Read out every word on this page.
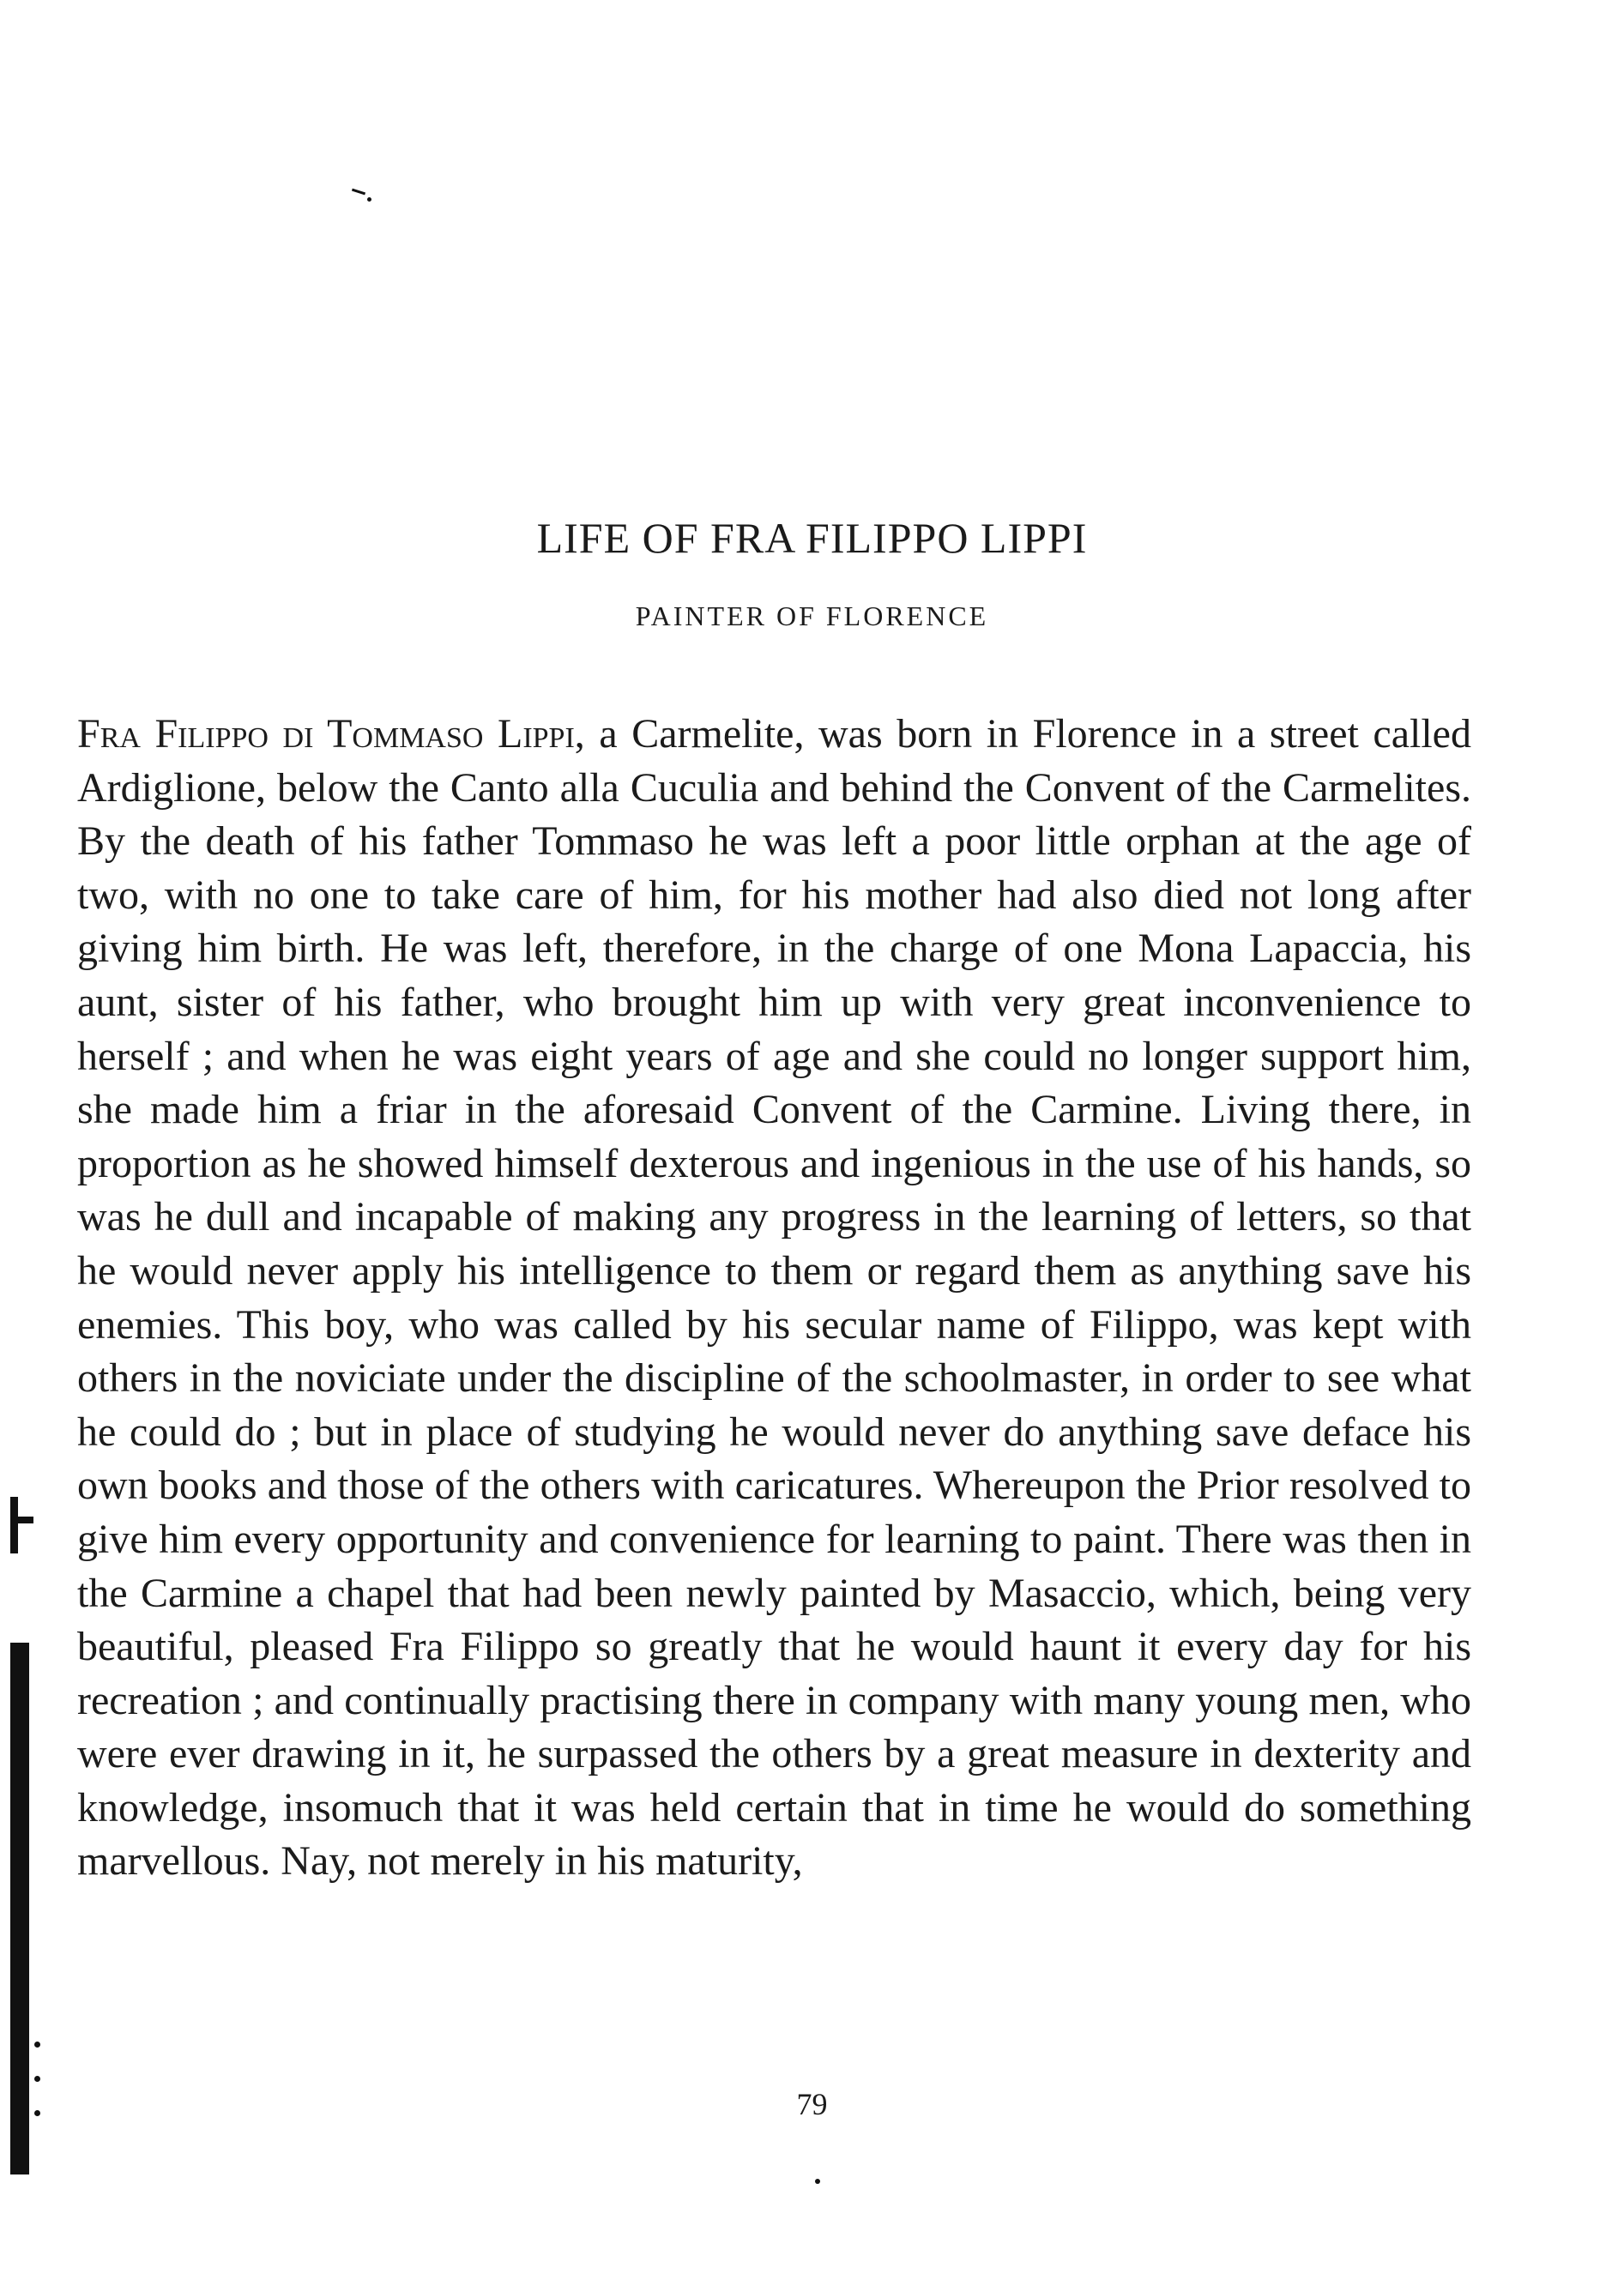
LIFE OF FRA FILIPPO LIPPI
PAINTER OF FLORENCE

Fra Filippo di Tommaso Lippi, a Carmelite, was born in Florence in a street called Ardiglione, below the Canto alla Cuculia and behind the Convent of the Carmelites. By the death of his father Tommaso he was left a poor little orphan at the age of two, with no one to take care of him, for his mother had also died not long after giving him birth. He was left, therefore, in the charge of one Mona Lapaccia, his aunt, sister of his father, who brought him up with very great inconvenience to herself ; and when he was eight years of age and she could no longer support him, she made him a friar in the aforesaid Convent of the Carmine. Living there, in proportion as he showed himself dexterous and ingenious in the use of his hands, so was he dull and incapable of making any progress in the learning of letters, so that he would never apply his intelligence to them or regard them as anything save his enemies. This boy, who was called by his secular name of Filippo, was kept with others in the noviciate under the discipline of the schoolmaster, in order to see what he could do ; but in place of studying he would never do anything save deface his own books and those of the others with caricatures. Whereupon the Prior resolved to give him every opportunity and convenience for learning to paint. There was then in the Carmine a chapel that had been newly painted by Masaccio, which, being very beautiful, pleased Fra Filippo so greatly that he would haunt it every day for his recreation ; and continually practising there in company with many young men, who were ever drawing in it, he surpassed the others by a great measure in dexterity and knowledge, insomuch that it was held certain that in time he would do something marvellous. Nay, not merely in his maturity,

79
